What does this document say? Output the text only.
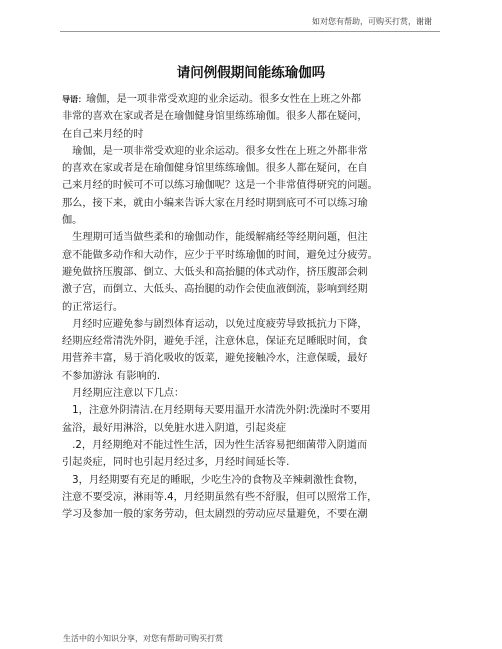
如对您有帮助，可购买打赏，谢谢
请问例假期间能练瑜伽吗

导语：瑜伽，是一项非常受欢迎的业余运动。很多女性在上班之外都
非常的喜欢在家或者是在瑜伽健身馆里练练瑜伽。很多人都在疑问，
在自己来月经的时

　瑜伽，是一项非常受欢迎的业余运动。很多女性在上班之外都非常
的喜欢在家或者是在瑜伽健身馆里练练瑜伽。很多人都在疑问，在自
己来月经的时候可不可以练习瑜伽呢？这是一个非常值得研究的问题。
那么，接下来，就由小编来告诉大家在月经时期到底可不可以练习瑜
伽。

　生理期可适当做些柔和的瑜伽动作，能缓解痛经等经期问题，但注
意不能做多动作和大动作，应少于平时练瑜伽的时间，避免过分疲劳。
避免做挤压腹部、倒立、大低头和高抬腿的体式动作，挤压腹部会刺
激子宫，而倒立、大低头、高抬腿的动作会使血液倒流，影响到经期
的正常运行。

　月经时应避免参与剧烈体育运动，以免过度疲劳导致抵抗力下降，
经期应经常清洗外阴，避免手淫，注意休息，保证充足睡眠时间，食
用营养丰富，易于消化吸收的饭菜，避免接触冷水，注意保暖，最好
不参加游泳 有影响的.

　月经期应注意以下几点：

　1，注意外阴清洁.在月经期每天要用温开水清洗外阴:洗澡时不要用
盆浴，最好用淋浴，以免脏水进入阴道，引起炎症

　.2，月经期绝对不能过性生活，因为性生活容易把细菌带入阴道而
引起炎症，同时也引起月经过多，月经时间延长等.

　3，月经期要有充足的睡眠，少吃生冷的食物及辛辣刺激性食物，
注意不要受凉，淋雨等.4，月经期虽然有些不舒服，但可以照常工作，
学习及参加一般的家务劳动，但太剧烈的劳动应尽量避免，不要在潮

生活中的小知识分享，对您有帮助可购买打赏
